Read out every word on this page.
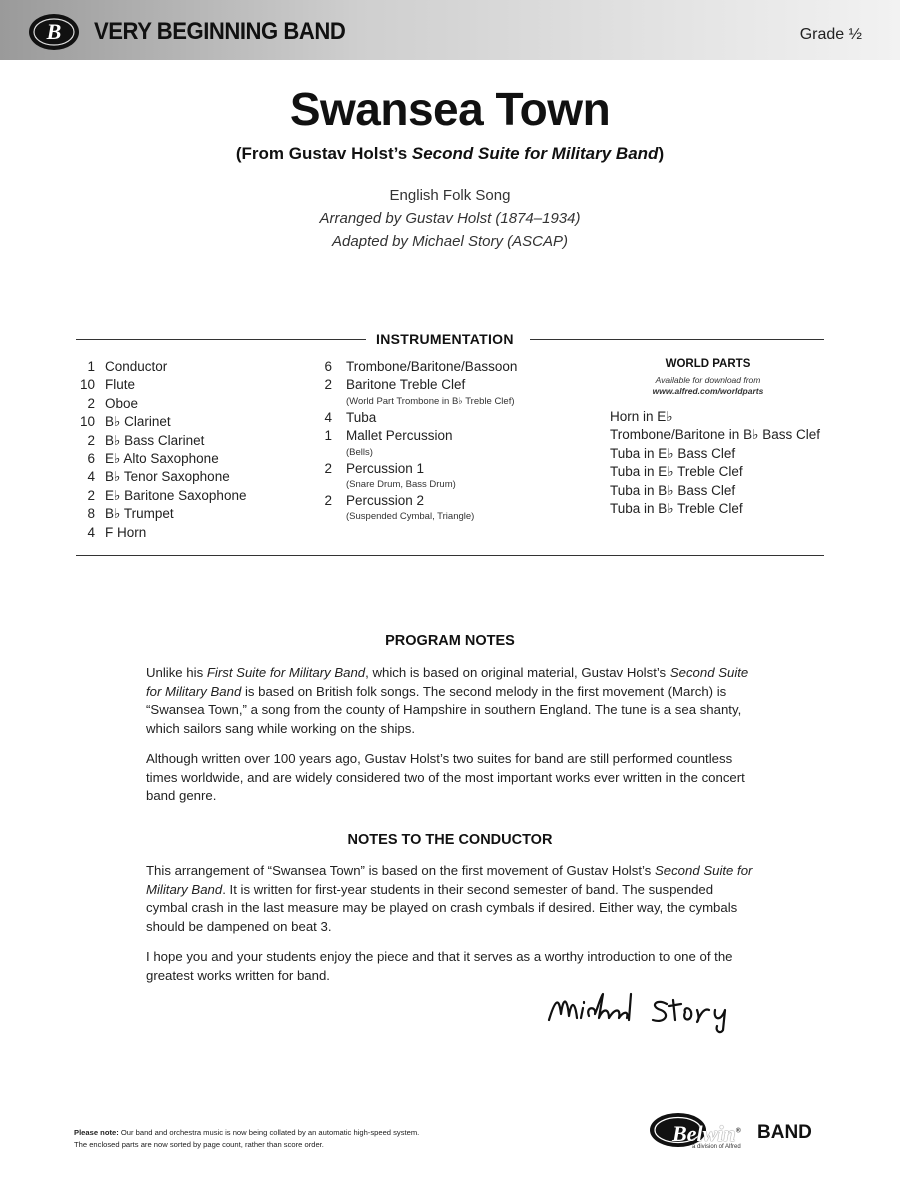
B VERY BEGINNING BAND	Grade ½
Swansea Town
(From Gustav Holst’s Second Suite for Military Band)
English Folk Song
Arranged by Gustav Holst (1874–1934)
Adapted by Michael Story (ASCAP)
INSTRUMENTATION
1 Conductor
10 Flute
2 Oboe
10 B♭ Clarinet
2 B♭ Bass Clarinet
6 E♭ Alto Saxophone
4 B♭ Tenor Saxophone
2 E♭ Baritone Saxophone
8 B♭ Trumpet
4 F Horn
6 Trombone/Baritone/Bassoon
2 Baritone Treble Clef
(World Part Trombone in B♭ Treble Clef)
4 Tuba
1 Mallet Percussion
(Bells)
2 Percussion 1
(Snare Drum, Bass Drum)
2 Percussion 2
(Suspended Cymbal, Triangle)
WORLD PARTS
Available for download from
www.alfred.com/worldparts
Horn in E♭
Trombone/Baritone in B♭ Bass Clef
Tuba in E♭ Bass Clef
Tuba in E♭ Treble Clef
Tuba in B♭ Bass Clef
Tuba in B♭ Treble Clef
PROGRAM NOTES
Unlike his First Suite for Military Band, which is based on original material, Gustav Holst’s Second Suite for Military Band is based on British folk songs. The second melody in the first movement (March) is “Swansea Town,” a song from the county of Hampshire in southern England. The tune is a sea shanty, which sailors sang while working on the ships.
Although written over 100 years ago, Gustav Holst’s two suites for band are still performed countless times worldwide, and are widely considered two of the most important works ever written in the concert band genre.
NOTES TO THE CONDUCTOR
This arrangement of “Swansea Town” is based on the first movement of Gustav Holst’s Second Suite for Military Band. It is written for first-year students in their second semester of band. The suspended cymbal crash in the last measure may be played on crash cymbals if desired. Either way, the cymbals should be dampened on beat 3.
I hope you and your students enjoy the piece and that it serves as a worthy introduction to one of the greatest works written for band.
Please note: Our band and orchestra music is now being collated by an automatic high-speed system.
The enclosed parts are now sorted by page count, rather than score order.	Belwin® BAND
a division of Alfred
